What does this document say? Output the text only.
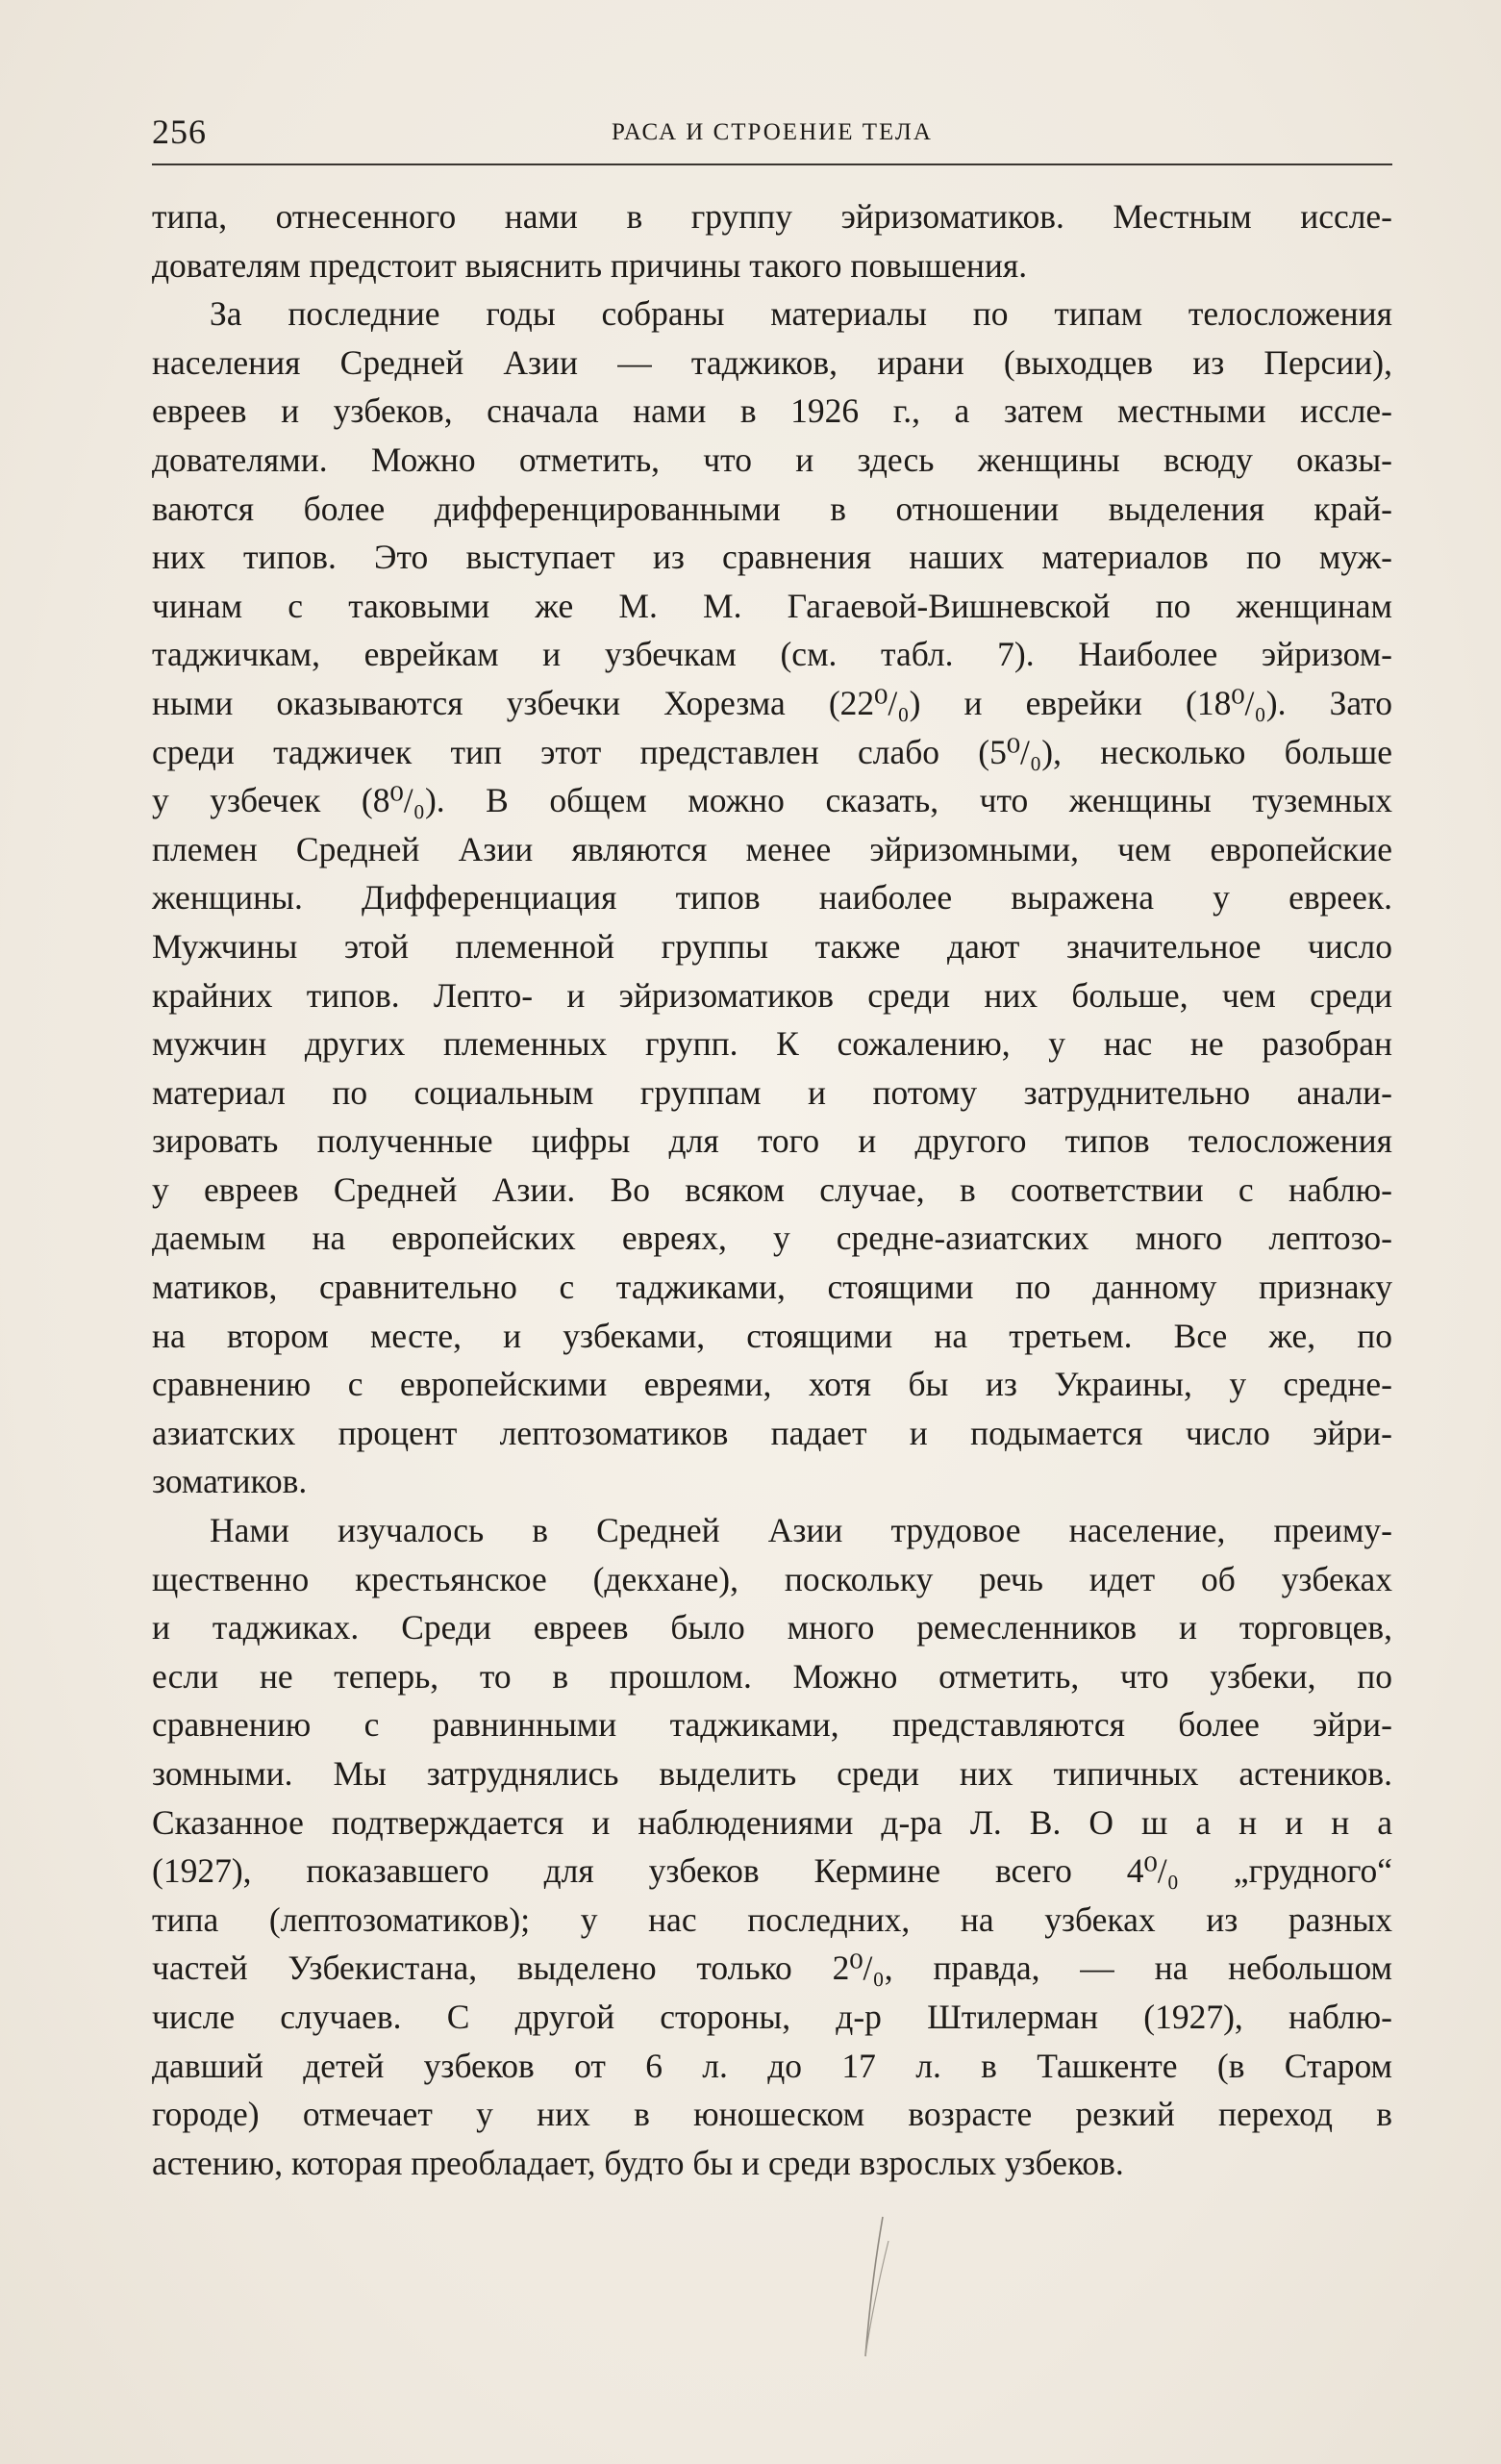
256	РАСА И СТРОЕНИЕ ТЕЛА

типа, отнесенного нами в группу эйризоматиков. Местным иссле-
дователям предстоит выяснить причины такого повышения.

За последние годы собраны материалы по типам телосложения
населения Средней Азии — таджиков, ирани (выходцев из Персии),
евреев и узбеков, сначала нами в 1926 г., а затем местными иссле-
дователями. Можно отметить, что и здесь женщины всюду оказы-
ваются более дифференцированными в отношении выделения край-
них типов. Это выступает из сравнения наших материалов по муж-
чинам с таковыми же М. М. Гагаевой-Вишневской по женщинам
таджичкам, еврейкам и узбечкам (см. табл. 7). Наиболее эйризом-
ными оказываются узбечки Хорезма (22⁰/₀) и еврейки (18⁰/₀). Зато
среди таджичек тип этот представлен слабо (5⁰/₀), несколько больше
у узбечек (8⁰/₀). В общем можно сказать, что женщины туземных
племен Средней Азии являются менее эйризомными, чем европейские
женщины. Дифференциация типов наиболее выражена у евреек.
Мужчины этой племенной группы также дают значительное число
крайних типов. Лепто- и эйризоматиков среди них больше, чем среди
мужчин других племенных групп. К сожалению, у нас не разобран
материал по социальным группам и потому затруднительно анали-
зировать полученные цифры для того и другого типов телосложения
у евреев Средней Азии. Во всяком случае, в соответствии с наблю-
даемым на европейских евреях, у средне-азиатских много лептозо-
матиков, сравнительно с таджиками, стоящими по данному признаку
на втором месте, и узбеками, стоящими на третьем. Все же, по
сравнению с европейскими евреями, хотя бы из Украины, у средне-
азиатских процент лептозоматиков падает и подымается число эйри-
зоматиков.

Нами изучалось в Средней Азии трудовое население, преиму-
щественно крестьянское (декхане), поскольку речь идет об узбеках
и таджиках. Среди евреев было много ремесленников и торговцев,
если не теперь, то в прошлом. Можно отметить, что узбеки, по
сравнению с равнинными таджиками, представляются более эйри-
зомными. Мы затруднялись выделить среди них типичных астеников.
Сказанное подтверждается и наблюдениями д-ра Л. В. О ш а н и н а
(1927), показавшего для узбеков Кермине всего 4⁰/₀ „грудного“
типа (лептозоматиков); у нас последних, на узбеках из разных
частей Узбекистана, выделено только 2⁰/₀, правда, — на небольшом
числе случаев. С другой стороны, д-р Штилерман (1927), наблю-
давший детей узбеков от 6 л. до 17 л. в Ташкенте (в Старом
городе) отмечает у них в юношеском возрасте резкий переход в
астению, которая преобладает, будто бы и среди взрослых узбеков.
